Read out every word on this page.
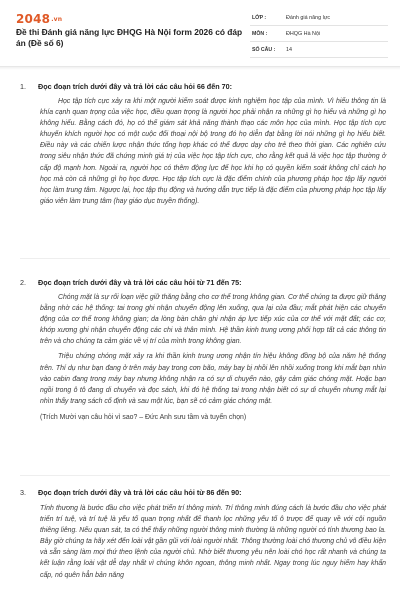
2048.vn
Đề thi Đánh giá năng lực ĐHQG Hà Nội form 2026 có đáp án (Đề số 6)
LỚP :	Đánh giá năng lực
MÔN :	ĐHQG Hà Nội
SỐ CÂU :	14
1. Đọc đoạn trích dưới đây và trả lời các câu hỏi 66 đến 70:

Học tập tích cực xảy ra khi một người kiểm soát được kinh nghiệm học tập của mình. Vì hiểu thông tin là khía cạnh quan trọng của việc học, điều quan trọng là người học phải nhận ra những gì họ hiểu và những gì họ không hiểu. Bằng cách đó, họ có thể giám sát khả năng thành thạo các môn học của mình. Học tập tích cực khuyến khích người học có một cuộc đối thoại nội bộ trong đó họ diễn đạt bằng lời nói những gì họ hiểu biết. Điều này và các chiến lược nhận thức tổng hợp khác có thể được dạy cho trẻ theo thời gian. Các nghiên cứu trong siêu nhận thức đã chứng minh giá trị của việc học tập tích cực, cho rằng kết quả là việc học tập thường ở cấp độ mạnh hơn. Ngoài ra, người học có thêm động lực để học khi họ có quyền kiểm soát không chỉ cách họ học mà còn cả những gì họ học được. Học tập tích cực là đặc điểm chính của phương pháp học tập lấy người học làm trung tâm. Ngược lại, học tập thụ động và hướng dẫn trực tiếp là đặc điểm của phương pháp học tập lấy giáo viên làm trung tâm (hay giáo dục truyền thống).

2. Đọc đoạn trích dưới đây và trả lời các câu hỏi từ 71 đến 75:

Chóng mặt là sự rối loạn việc giữ thăng bằng cho cơ thể trong không gian. Cơ thể chúng ta được giữ thăng bằng nhờ các hệ thống: tai trong ghi nhận chuyển động lên xuống, qua lại của đầu; mắt phát hiện các chuyển động của cơ thể trong không gian; da lòng bàn chân ghi nhận áp lực tiếp xúc của cơ thể với mặt đất; các cơ, khớp xương ghi nhận chuyển động các chi và thân mình. Hệ thần kinh trung ương phối hợp tất cả các thông tin trên và cho chúng ta cảm giác về vị trí của mình trong không gian.

Triệu chứng chóng mặt xảy ra khi thần kinh trung ương nhận tín hiệu không đồng bộ của năm hệ thống trên. Thí dụ như bạn đang ở trên máy bay trong cơn bão, máy bay bị nhồi lên nhồi xuống trong khi mắt bạn nhìn vào cabin đang trong máy bay nhưng không nhận ra có sự di chuyển nào, gây cảm giác chóng mặt. Hoặc bạn ngồi trong ô tô đang di chuyển và đọc sách, khi đó hệ thống tai trong nhận biết có sự di chuyển nhưng mắt lại nhìn thấy trang sách cố định và sau một lúc, bạn sẽ có cảm giác chóng mặt.

(Trích Mười vạn câu hỏi vì sao? – Đức Anh sưu tầm và tuyển chọn)

3. Đọc đoạn trích dưới đây và trả lời các câu hỏi từ 86 đến 90:

Tính thương là bước đầu cho việc phát triển trí thông minh. Trí thông minh đúng cách là bước đầu cho việc phát triển trí tuệ, và trí tuệ là yếu tố quan trọng nhất để thanh lọc những yếu tố ô trược để quay về với cội nguồn thiêng liêng. Nếu quan sát, ta có thể thấy những người thông minh thường là những người có tính thương bao la. Bây giờ chúng ta hãy xét đến loài vật gần gũi với loài người nhất. Thông thường loài chó thương chủ vô điều kiện và sẵn sàng làm mọi thứ theo lệnh của người chủ. Nhờ biết thương yêu nên loài chó học rất nhanh và chúng ta kết luận rằng loài vật dễ dạy nhất vì chúng khôn ngoan, thông minh nhất. Ngay trong lúc nguy hiểm hay khẩn cấp, nó quên hẳn bản năng
